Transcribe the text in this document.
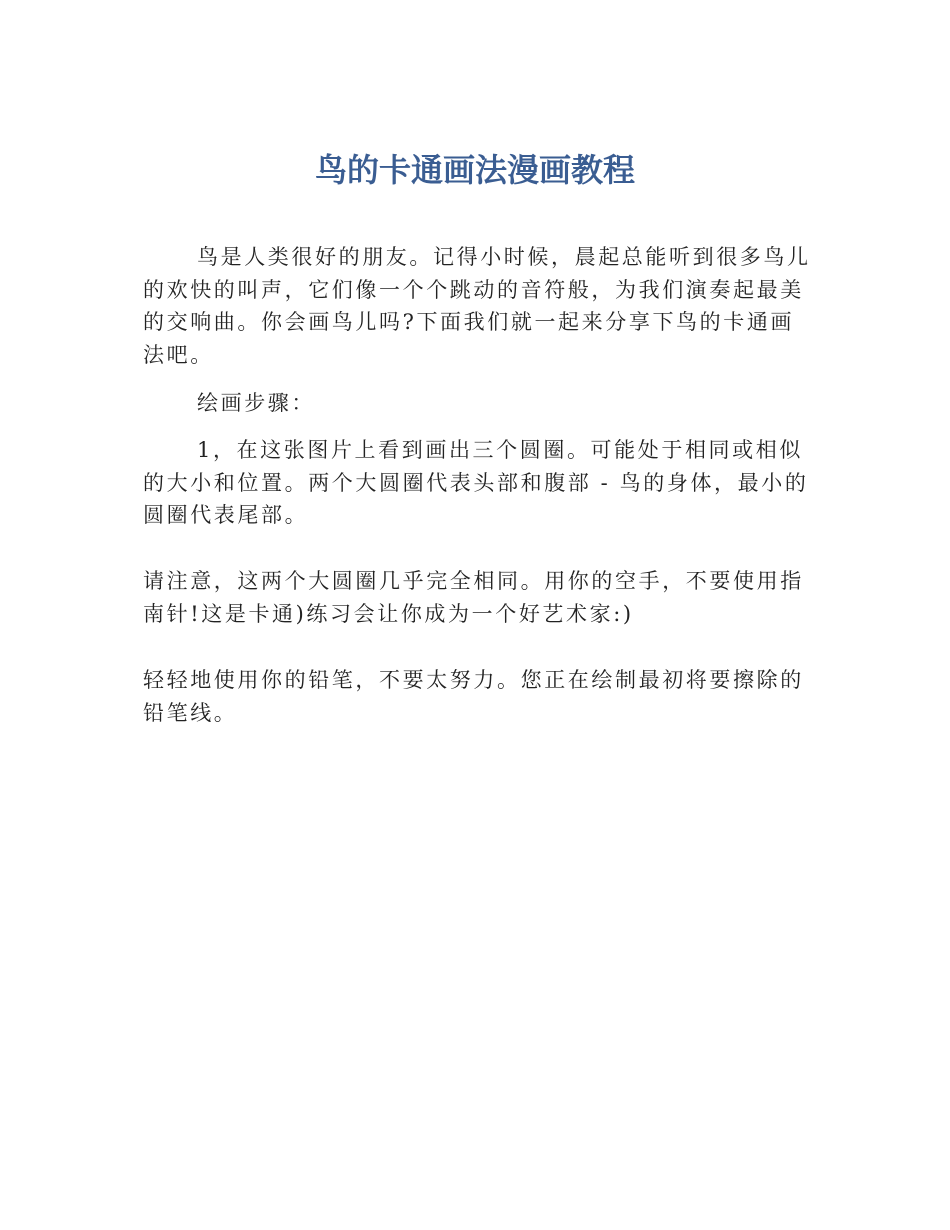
鸟的卡通画法漫画教程

鸟是人类很好的朋友。记得小时候，晨起总能听到很多鸟儿的欢快的叫声，它们像一个个跳动的音符般，为我们演奏起最美的交响曲。你会画鸟儿吗?下面我们就一起来分享下鸟的卡通画法吧。

绘画步骤：

1，在这张图片上看到画出三个圆圈。可能处于相同或相似的大小和位置。两个大圆圈代表头部和腹部 - 鸟的身体，最小的圆圈代表尾部。

请注意，这两个大圆圈几乎完全相同。用你的空手，不要使用指南针!这是卡通)练习会让你成为一个好艺术家:)

轻轻地使用你的铅笔，不要太努力。您正在绘制最初将要擦除的铅笔线。
